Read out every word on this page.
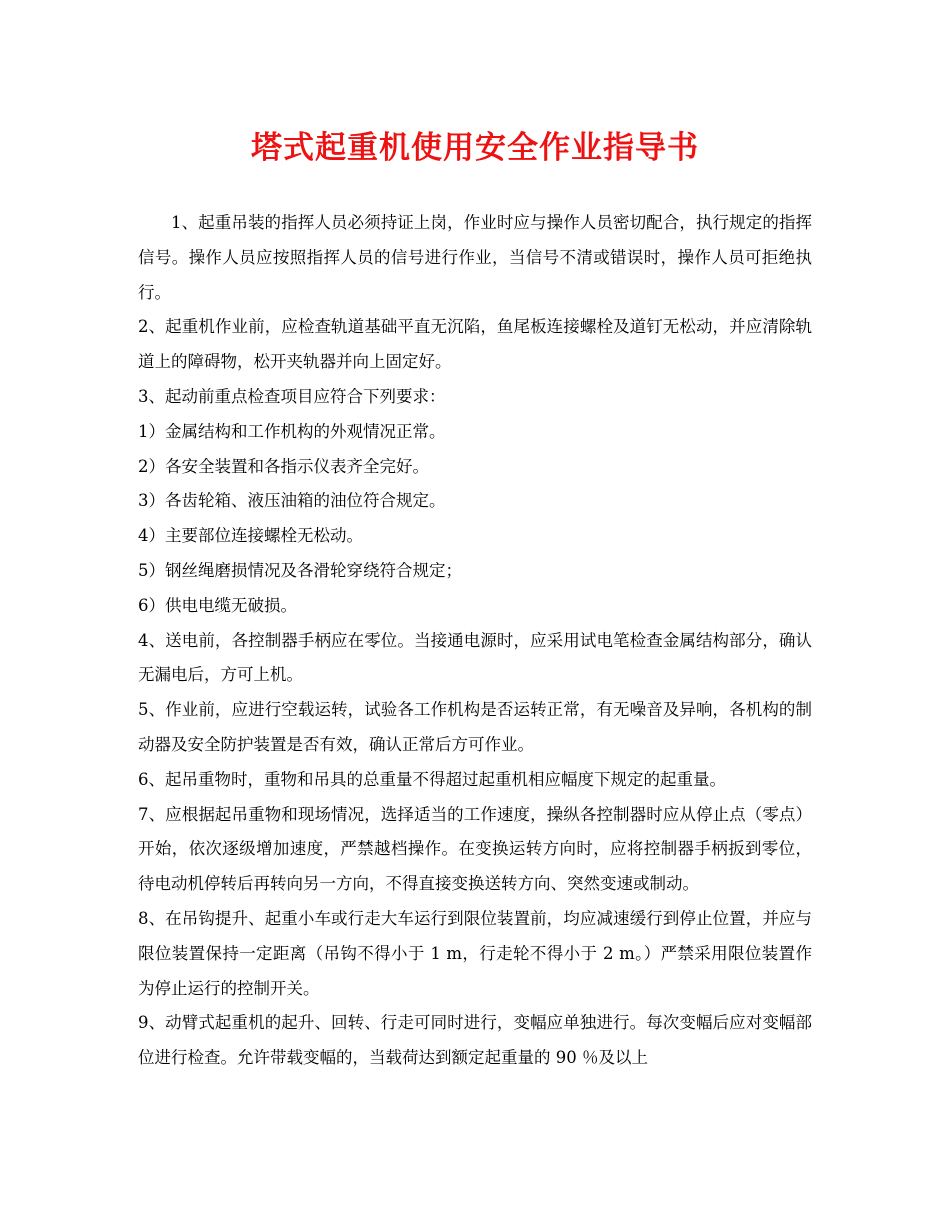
塔式起重机使用安全作业指导书

1、起重吊装的指挥人员必须持证上岗，作业时应与操作人员密切配合，执行规定的指挥信号。操作人员应按照指挥人员的信号进行作业，当信号不清或错误时，操作人员可拒绝执行。

2、起重机作业前，应检查轨道基础平直无沉陷，鱼尾板连接螺栓及道钉无松动，并应清除轨道上的障碍物，松开夹轨器并向上固定好。

3、起动前重点检查项目应符合下列要求：

1）金属结构和工作机构的外观情况正常。

2）各安全装置和各指示仪表齐全完好。

3）各齿轮箱、液压油箱的油位符合规定。

4）主要部位连接螺栓无松动。

5）钢丝绳磨损情况及各滑轮穿绕符合规定；

6）供电电缆无破损。

4、送电前，各控制器手柄应在零位。当接通电源时，应采用试电笔检查金属结构部分，确认无漏电后，方可上机。

5、作业前，应进行空载运转，试验各工作机构是否运转正常，有无噪音及异响，各机构的制动器及安全防护装置是否有效，确认正常后方可作业。

6、起吊重物时，重物和吊具的总重量不得超过起重机相应幅度下规定的起重量。

7、应根据起吊重物和现场情况，选择适当的工作速度，操纵各控制器时应从停止点（零点）开始，依次逐级增加速度，严禁越档操作。在变换运转方向时，应将控制器手柄扳到零位，待电动机停转后再转向另一方向，不得直接变换送转方向、突然变速或制动。

8、在吊钩提升、起重小车或行走大车运行到限位装置前，均应减速缓行到停止位置，并应与限位装置保持一定距离（吊钩不得小于 1 m，行走轮不得小于 2 m。）严禁采用限位装置作为停止运行的控制开关。

9、动臂式起重机的起升、回转、行走可同时进行，变幅应单独进行。每次变幅后应对变幅部位进行检查。允许带载变幅的，当载荷达到额定起重量的 90 ％及以上
